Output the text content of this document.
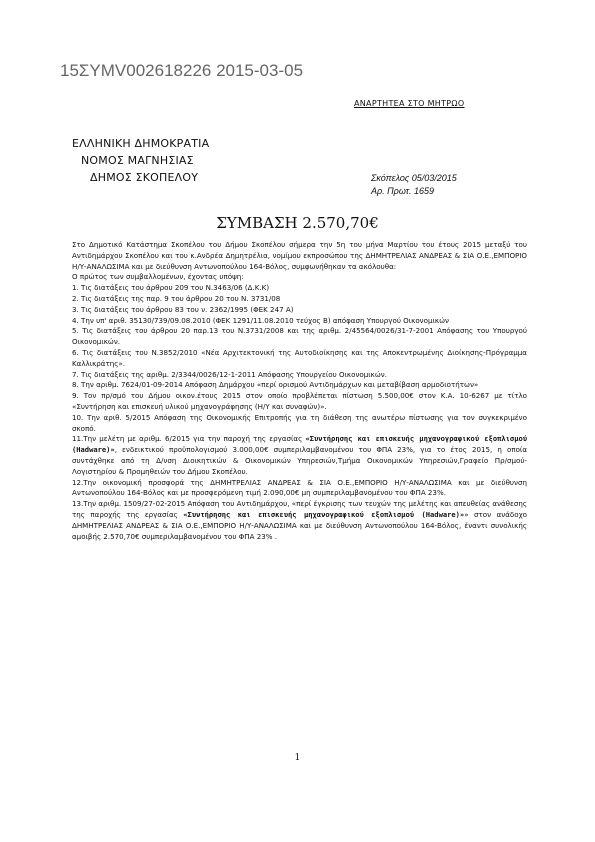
15ΣΥΜV002618226 2015-03-05
ΑΝΑΡΤΗΤΕΑ ΣΤΟ ΜΗΤΡΩΟ
ΕΛΛΗΝΙΚΗ ΔΗΜΟΚΡΑΤΙΑ
ΝΟΜΟΣ ΜΑΓΝΗΣΙΑΣ
ΔΗΜΟΣ ΣΚΟΠΕΛΟΥ	Σκόπελος 05/03/2015
Αρ. Πρωτ. 1659
ΣΥΜΒΑΣΗ 2.570,70€

Στο Δημοτικό Κατάστημα Σκοπέλου του Δήμου Σκοπέλου σήμερα την 5η του μήνα Μαρτίου του έτους 2015 μεταξύ του Αντιδημάρχου Σκοπέλου και του κ.Ανδρέα Δημητρέλια, νομίμου εκπροσώπου της ΔΗΜΗΤΡΕΛΙΑΣ ΑΝΔΡΕΑΣ & ΣΙΑ Ο.Ε.,ΕΜΠΟΡΙΟ Η/Υ-ΑΝΑΛΩΣΙΜΑ και με διεύθυνση Αντωνοπούλου 164-Βόλος, συμφωνήθηκαν τα ακόλουθα:

Ο πρώτος των συμβαλλομένων, έχοντας υπόψη:

1. Τις διατάξεις του άρθρου 209 του Ν.3463/06 (Δ.Κ.Κ)

2. Τις διατάξεις της παρ. 9 του άρθρου 20 του Ν. 3731/08

3. Τις διατάξεις του άρθρου 83 του ν. 2362/1995 (ΦΕΚ 247 Α)

4. Την υπ' αριθ. 35130/739/09.08.2010 (ΦΕΚ 1291/11.08.2010 τεύχος Β) απόφαση Υπουργού Οικονομικών

5. Τις διατάξεις του άρθρου 20 παρ.13 του Ν.3731/2008 και της αριθμ. 2/45564/0026/31-7-2001 Απόφασης του Υπουργού Οικονομικών.

6. Τις διατάξεις του Ν.3852/2010 «Νέα Αρχιτεκτονική της Αυτοδιοίκησης και της Αποκεντρωμένης Διοίκησης-Πρόγραμμα Καλλικράτης».

7. Τις διατάξεις της αριθμ. 2/3344/0026/12-1-2011 Απόφασης Υπουργείου Οικονομικών.

8. Την αριθμ. 7624/01-09-2014 Απόφαση Δημάρχου «περί ορισμού Αντιδημάρχων και μεταβίβαση αρμοδιοτήτων»

9. Τον πρ/σμό του Δήμου οικον.έτους 2015 στον οποίο προβλέπεται πίστωση 5.500,00€ στον Κ.Α. 10-6267 με τίτλο «Συντήρηση και επισκευή υλικού μηχανογράφησης (Η/Υ και συναφών)».

10. Την αριθ. 5/2015 Απόφαση της Οικονομικής Επιτροπής για τη διάθεση της ανωτέρω πίστωσης για τον συγκεκριμένο σκοπό.

11.Την μελέτη με αριθμ. 6/2015 για την παροχή της εργασίας «Συντήρησης και επισκευής μηχανογραφικού εξοπλισμού (Hadware)», ενδεικτικού προϋπολογισμού 3.000,00€ συμπεριλαμβανομένου του ΦΠΑ 23%, για το έτος 2015, η οποία συντάχθηκε από τη Δ/νση Διοικητικών & Οικονομικών Υπηρεσιών,Τμήμα Οικονομικών Υπηρεσιών,Γραφείο Πρ/σμού-Λογιστηρίου & Προμηθειών του Δήμου Σκοπέλου.

12.Την οικονομική προσφορά της ΔΗΜΗΤΡΕΛΙΑΣ ΑΝΔΡΕΑΣ & ΣΙΑ Ο.Ε.,ΕΜΠΟΡΙΟ Η/Υ-ΑΝΑΛΩΣΙΜΑ και με διεύθυνση Αντωνοπούλου 164-Βόλος και με προσφερόμενη τιμή 2.090,00€ μη συμπεριλαμβανομένου του ΦΠΑ 23%.

13.Την αριθμ. 1509/27-02-2015 Απόφαση του Αντιδημάρχου, «περί έγκρισης των τευχών της μελέτης και απευθείας ανάθεσης της παροχής της εργασίας «Συντήρησης και επισκευής μηχανογραφικού εξοπλισμού (Hadware)»» στον ανάδοχο ΔΗΜΗΤΡΕΛΙΑΣ ΑΝΔΡΕΑΣ & ΣΙΑ Ο.Ε.,ΕΜΠΟΡΙΟ Η/Υ-ΑΝΑΛΩΣΙΜΑ και με διεύθυνση Αντωνοπούλου 164-Βόλος, έναντι συνολικής αμοιβής 2.570,70€ συμπεριλαμβανομένου του ΦΠΑ 23% .

1
